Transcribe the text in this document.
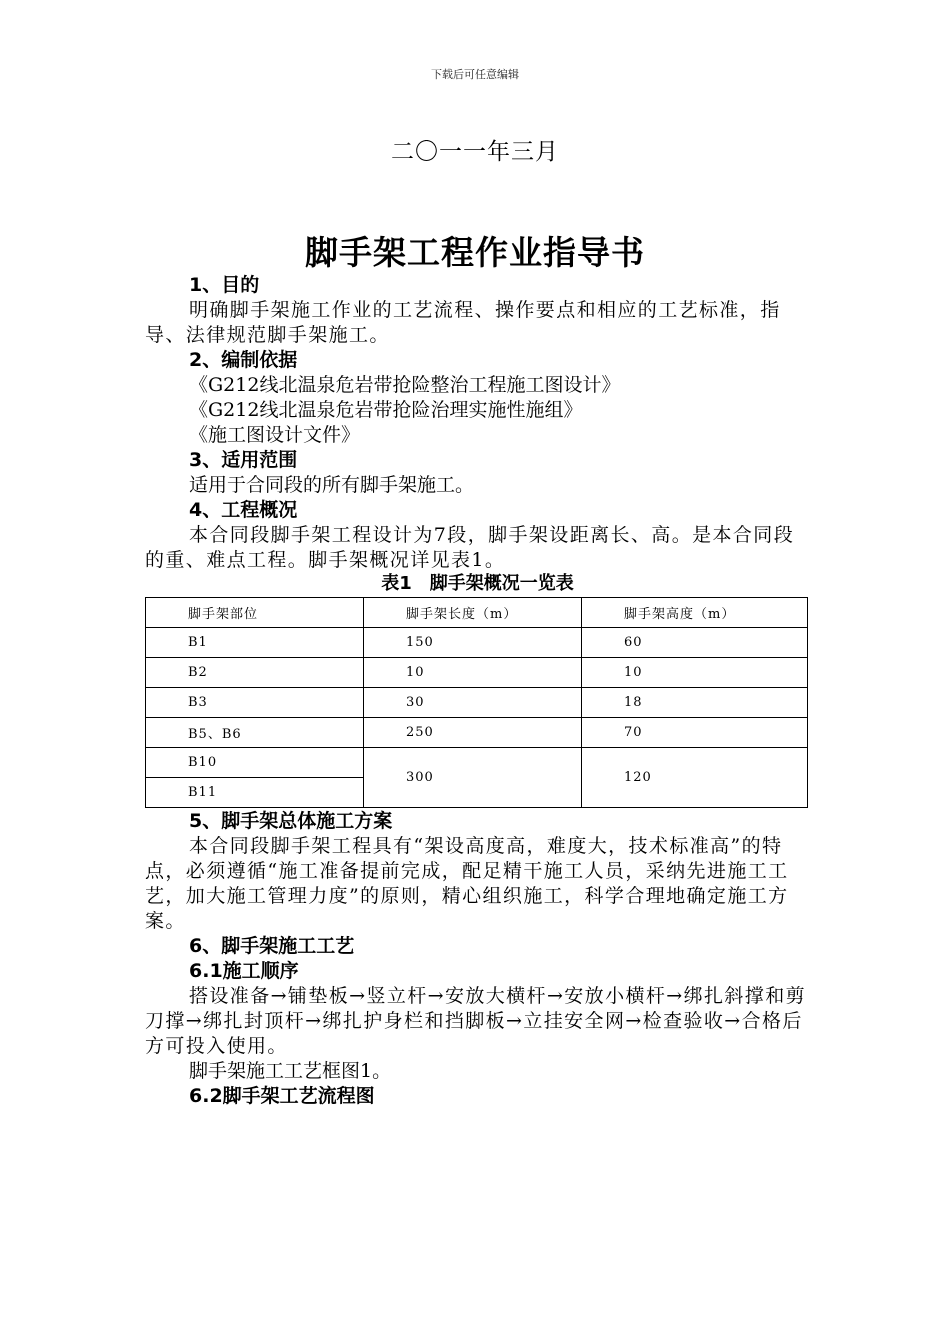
下载后可任意编辑
二〇一一年三月
脚手架工程作业指导书
1、目的
明确脚手架施工作业的工艺流程、操作要点和相应的工艺标准，指导、法律规范脚手架施工。
2、编制依据
《G212线北温泉危岩带抢险整治工程施工图设计》
《G212线北温泉危岩带抢险治理实施性施组》
《施工图设计文件》
3、适用范围
适用于合同段的所有脚手架施工。
4、工程概况
本合同段脚手架工程设计为7段，脚手架设距离长、高。是本合同段的重、难点工程。脚手架概况详见表1。
表1　脚手架概况一览表
脚手架部位	脚手架长度（m）	脚手架高度（m）
B1	150	60
B2	10	10
B3	30	18
B5、B6	250	70
B10	300	120
B11		
5、脚手架总体施工方案
本合同段脚手架工程具有“架设高度高，难度大，技术标准高”的特点，必须遵循“施工准备提前完成，配足精干施工人员，采纳先进施工工艺，加大施工管理力度”的原则，精心组织施工，科学合理地确定施工方案。
6、脚手架施工工艺
6.1施工顺序
搭设准备→铺垫板→竖立杆→安放大横杆→安放小横杆→绑扎斜撑和剪刀撑→绑扎封顶杆→绑扎护身栏和挡脚板→立挂安全网→检查验收→合格后方可投入使用。
脚手架施工工艺框图1。
6.2脚手架工艺流程图
